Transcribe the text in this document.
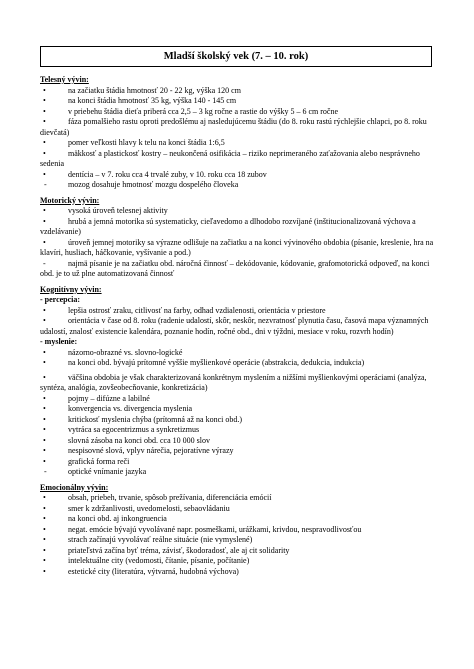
Mladší školský vek (7. – 10. rok)
Telesný vývin:
•	na začiatku štádia hmotnosť 20 - 22 kg, výška 120 cm
•	na konci štádia hmotnosť 35 kg, výška 140 - 145 cm
•	v priebehu štádia dieťa priberá cca 2,5 – 3 kg ročne a rastie do výšky 5 – 6 cm ročne
•	fáza pomalšieho rastu oproti predošlému aj nasledujúcemu štádiu (do 8. roku rastú rýchlejšie chlapci, po 8. roku dievčatá)
•	pomer veľkosti hlavy k telu na konci štádia 1:6,5
•	mäkkosť a plastickosť kostry – neukončená osifikácia – riziko neprimeraného zaťažovania alebo nesprávneho sedenia
•	dentícia – v 7. roku cca 4 trvalé zuby, v 10. roku cca 18 zubov
-	mozog dosahuje hmotnosť mozgu dospelého človeka
Motorický vývin:
•	vysoká úroveň telesnej aktivity
•	hrubá a jemná motorika sú systematicky, cieľavedomo a dlhodobo rozvíjané (inštitucionalizovaná výchova a vzdelávanie)
•	úroveň jemnej motoriky sa výrazne odlišuje na začiatku a na konci vývinového obdobia (písanie, kreslenie, hra na klavíri, husliach, háčkovanie, vyšívanie a pod.)
-	najmä písanie je na začiatku obd. náročná činnosť – dekódovanie, kódovanie, grafomotorická odpoveď, na konci obd. je to už plne automatizovaná činnosť
Kognitívny vývin:
- percepcia:
•	lepšia ostrosť zraku, citlivosť na farby, odhad vzdialenosti, orientácia v priestore
•	orientácia v čase od 8. roku (radenie udalostí, skôr, neskôr, nezvratnosť plynutia času, časová mapa významných udalostí, znalosť existencie kalendára, poznanie hodín, ročné obd., dni v týždni, mesiace v roku, rozvrh hodín)
- myslenie:
•	názorno-obrazné vs. slovno-logické
•	na konci obd. bývajú prítomné vyššie myšlienkové operácie (abstrakcia, dedukcia, indukcia)
•	väčšina obdobia je však charakterizovaná konkrétnym myslením a nižšími myšlienkovými operáciami (analýza, syntéza, analógia, zovšeobecňovanie, konkretizácia)
•	pojmy – difúzne a labilné
•	konvergencia vs. divergencia myslenia
•	kritickosť myslenia chýba (prítomná až na konci obd.)
•	vytráca sa egocentrizmus a synkretizmus
•	slovná zásoba na konci obd. cca 10 000 slov
•	nespisovné slová, vplyv nárečia, pejoratívne výrazy
•	grafická forma reči
-	optické vnímanie jazyka
Emocionálny vývin:
•	obsah, priebeh, trvanie, spôsob prežívania, diferenciácia emócií
•	smer k zdržanlivosti, uvedomelosti, sebaovládaniu
•	na konci obd. aj inkongruencia
•	negat. emócie bývajú vyvolávané napr. posmeškami, urážkami, krivdou, nespravodlivosťou
•	strach začínajú vyvolávať reálne situácie (nie vymyslené)
•	priateľstvá začína byť tréma, závisť, škodoradosť, ale aj cit solidarity
•	intelektuálne city (vedomosti, čítanie, písanie, počítanie)
•	estetické city (literatúra, výtvarná, hudobná výchova)
